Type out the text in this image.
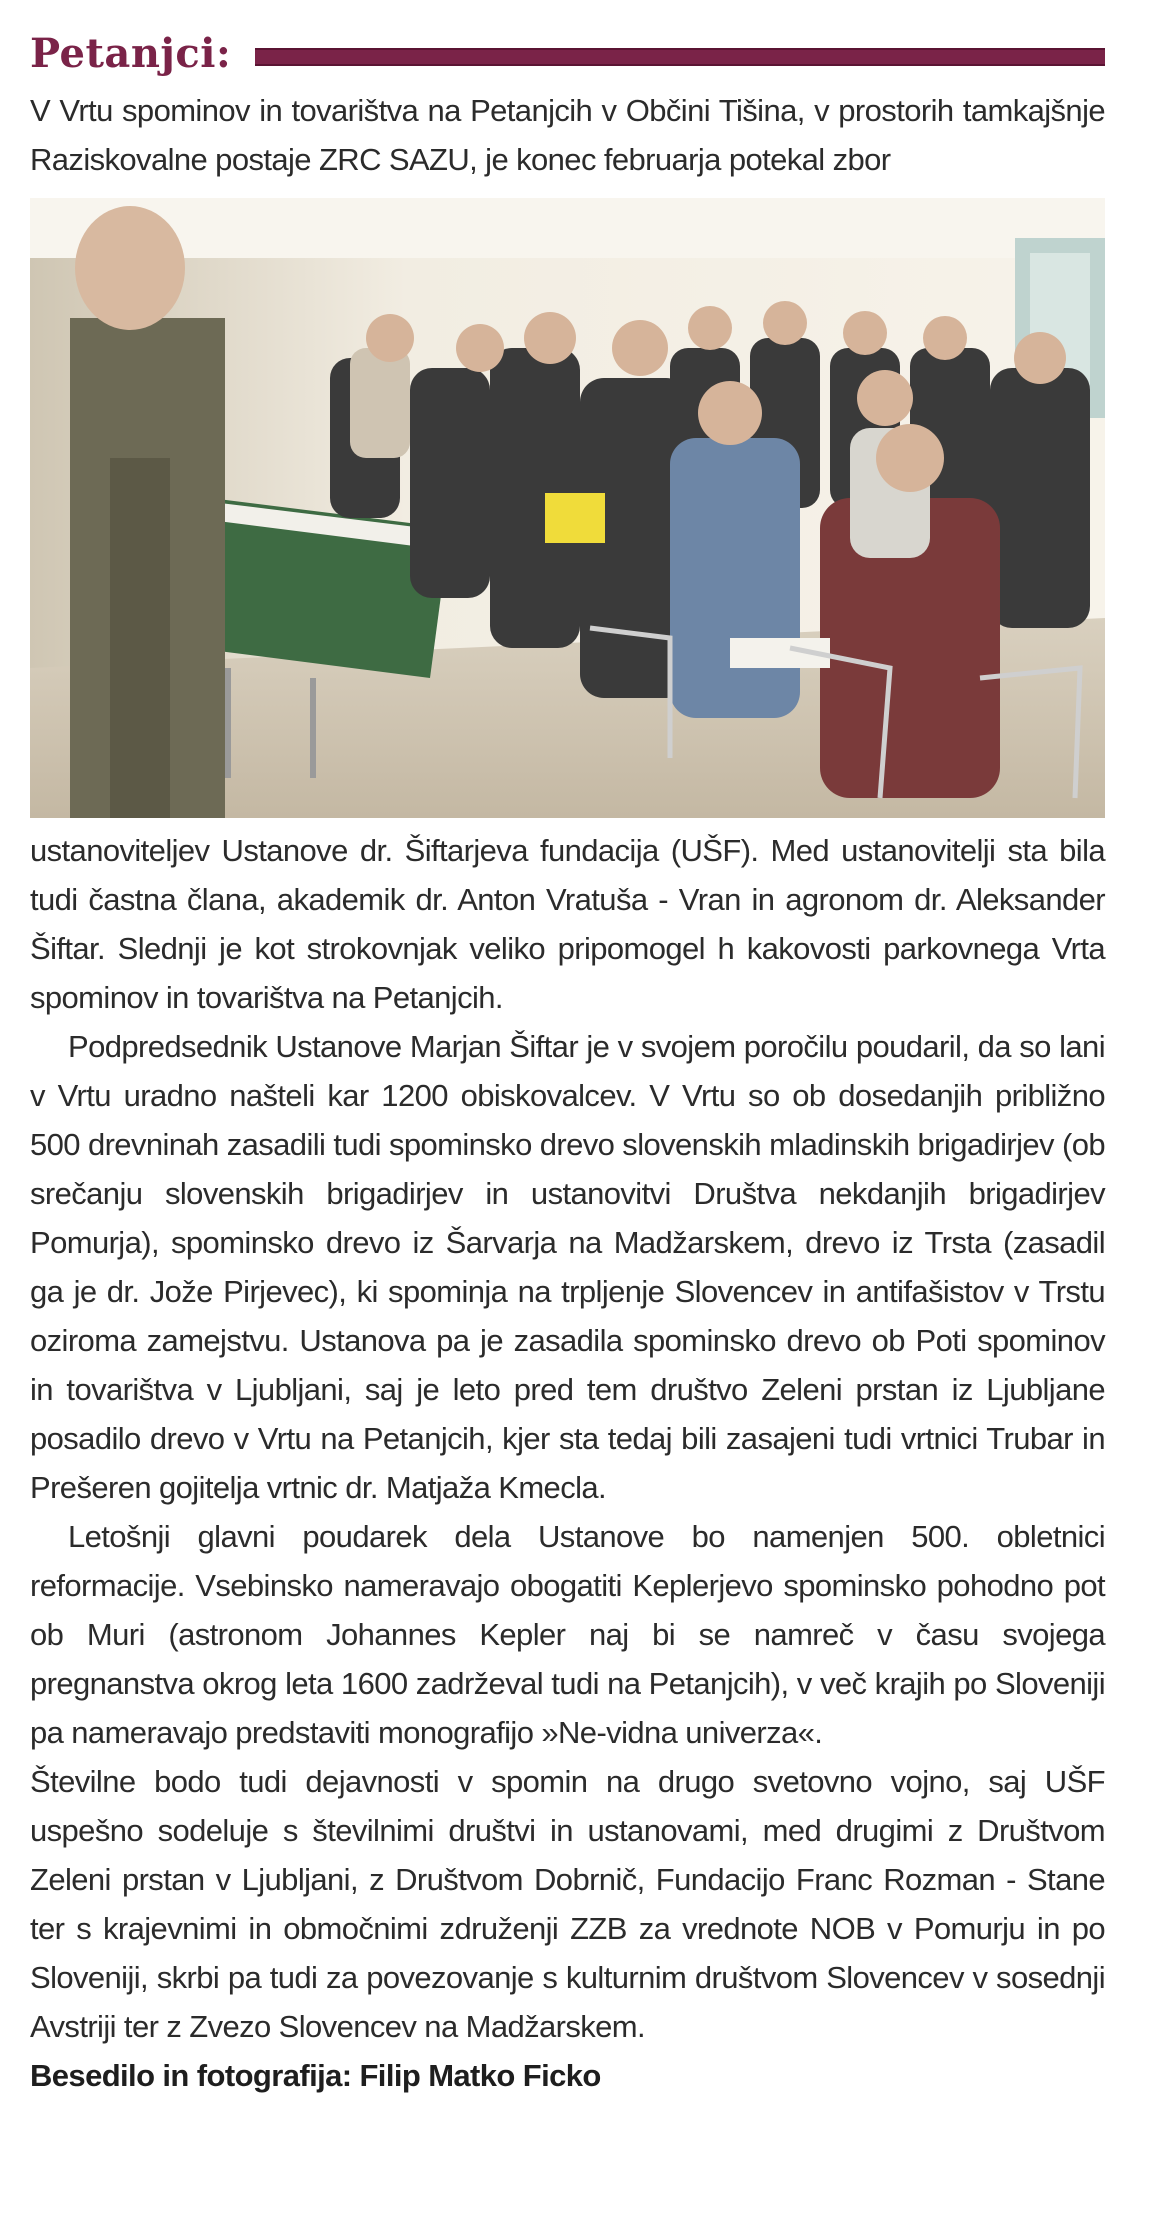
Petanjci:

V Vrtu spominov in tovarištva na Petanjcih v Občini Tišina, v prostorih tamkajšnje Raziskovalne postaje ZRC SAZU, je konec februarja potekal zbor

ustanoviteljev Ustanove dr. Šiftarjeva fundacija (UŠF). Med ustanovitelji sta bila tudi častna člana, akademik dr. Anton Vratuša - Vran in agronom dr. Aleksander Šiftar. Slednji je kot strokovnjak veliko pripomogel h kakovosti parkovnega Vrta spominov in tovarištva na Petanjcih.

Podpredsednik Ustanove Marjan Šiftar je v svojem poročilu poudaril, da so lani v Vrtu uradno našteli kar 1200 obiskovalcev. V Vrtu so ob dosedanjih približno 500 drevninah zasadili tudi spominsko drevo slovenskih mladinskih brigadirjev (ob srečanju slovenskih brigadirjev in ustanovitvi Društva nekdanjih brigadirjev Pomurja), spominsko drevo iz Šarvarja na Madžarskem, drevo iz Trsta (zasadil ga je dr. Jože Pirjevec), ki spominja na trpljenje Slovencev in antifašistov v Trstu oziroma zamejstvu. Ustanova pa je zasadila spominsko drevo ob Poti spominov in tovarištva v Ljubljani, saj je leto pred tem društvo Zeleni prstan iz Ljubljane posadilo drevo v Vrtu na Petanjcih, kjer sta tedaj bili zasajeni tudi vrtnici Trubar in Prešeren gojitelja vrtnic dr. Matjaža Kmecla.

Letošnji glavni poudarek dela Ustanove bo namenjen 500. obletnici reformacije. Vsebinsko nameravajo obogatiti Keplerjevo spominsko pohodno pot ob Muri (astronom Johannes Kepler naj bi se namreč v času svojega pregnanstva okrog leta 1600 zadrževal tudi na Petanjcih), v več krajih po Sloveniji pa nameravajo predstaviti monografijo »Ne-vidna univerza«.

Številne bodo tudi dejavnosti v spomin na drugo svetovno vojno, saj UŠF uspešno sodeluje s številnimi društvi in ustanovami, med drugimi z Društvom Zeleni prstan v Ljubljani, z Društvom Dobrnič, Fundacijo Franc Rozman - Stane ter s krajevnimi in območnimi združenji ZZB za vrednote NOB v Pomurju in po Sloveniji, skrbi pa tudi za povezovanje s kulturnim društvom Slovencev v sosednji Avstriji ter z Zvezo Slovencev na Madžarskem.

Besedilo in fotografija: Filip Matko Ficko
